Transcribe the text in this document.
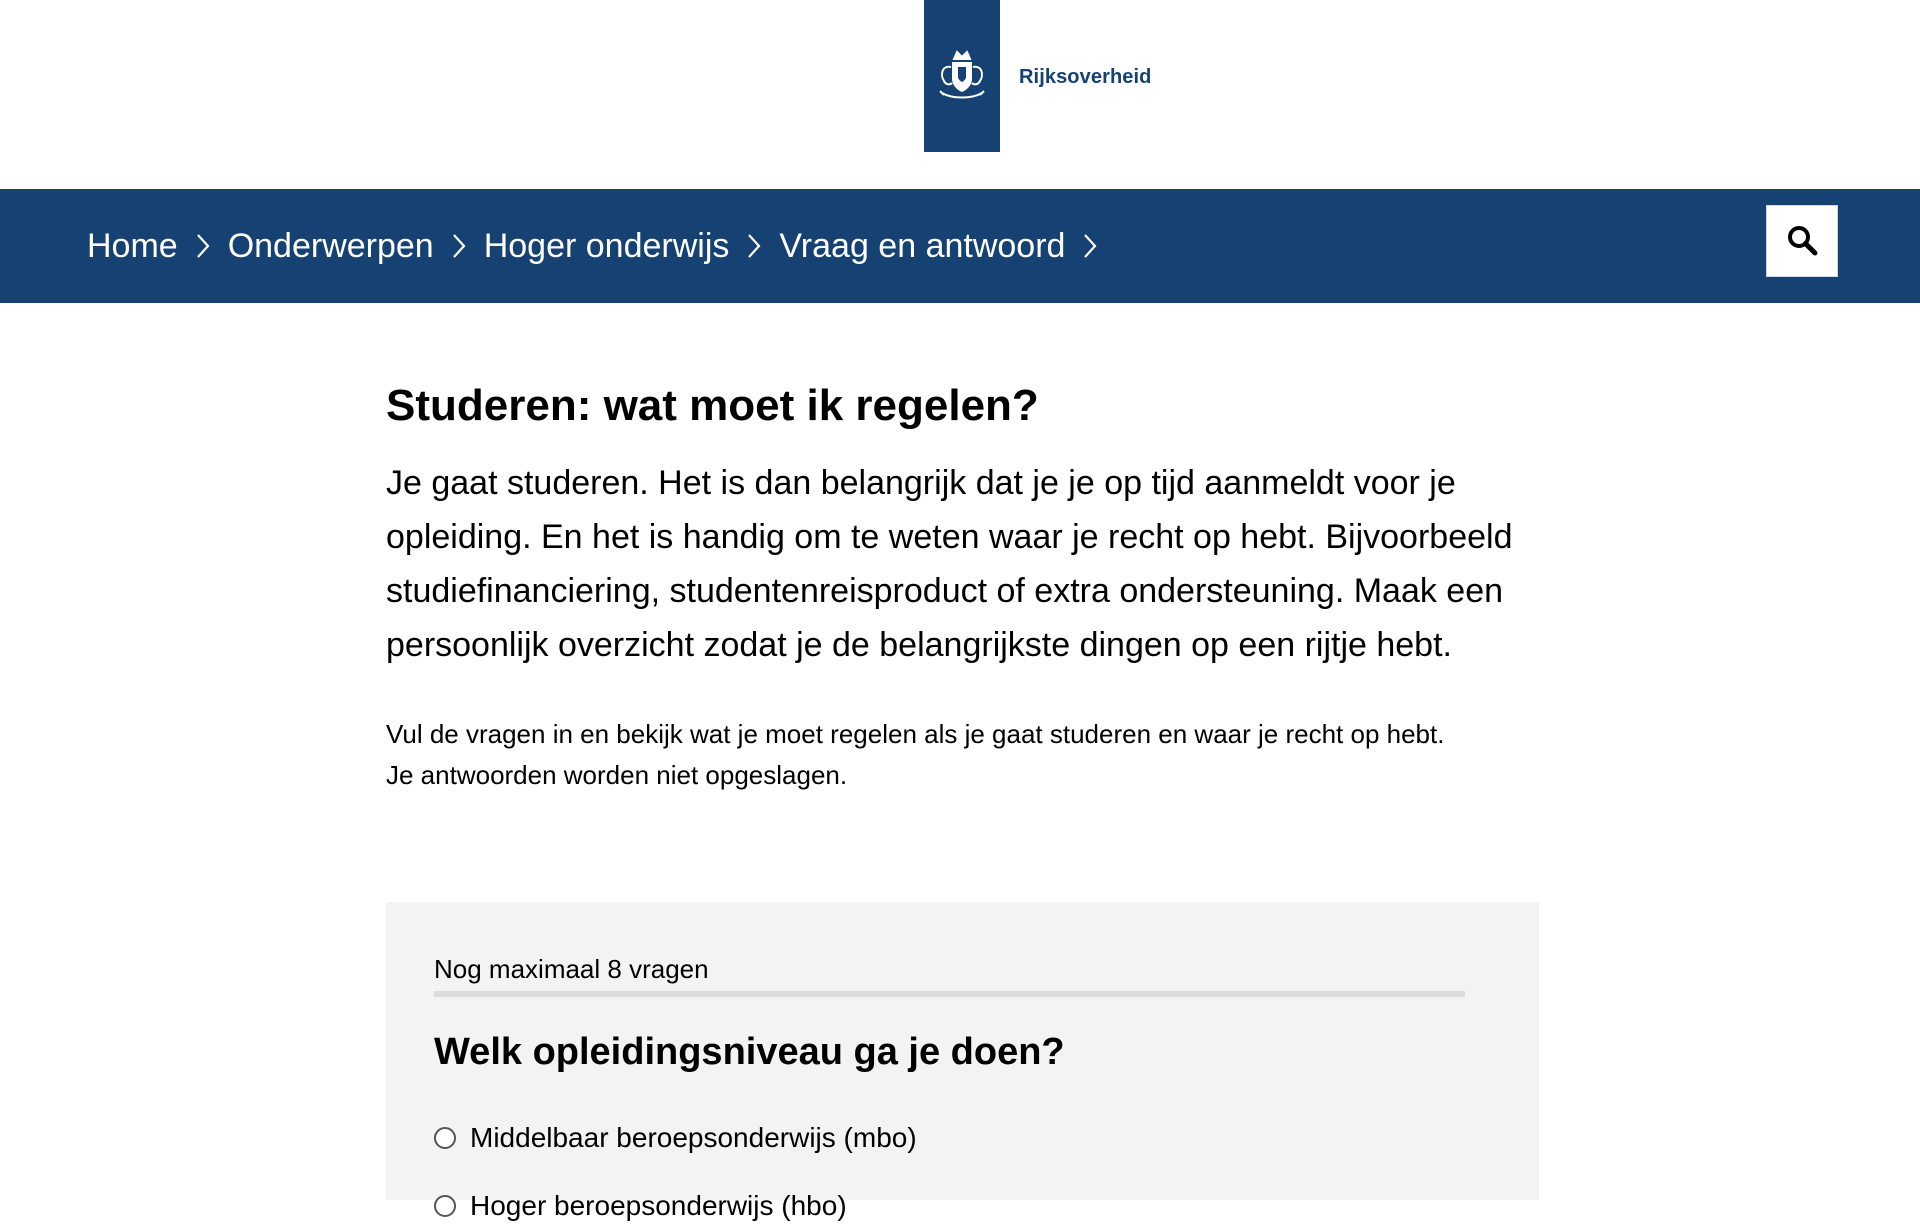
Rijksoverheid
Home Onderwerpen Hoger onderwijs Vraag en antwoord
Studeren: wat moet ik regelen?

Je gaat studeren. Het is dan belangrijk dat je je op tijd aanmeldt voor je opleiding. En het is handig om te weten waar je recht op hebt. Bijvoorbeeld studiefinanciering, studentenreisproduct of extra ondersteuning. Maak een persoonlijk overzicht zodat je de belangrijkste dingen op een rijtje hebt.

Vul de vragen in en bekijk wat je moet regelen als je gaat studeren en waar je recht op hebt.
Je antwoorden worden niet opgeslagen.

Nog maximaal 8 vragen
Welk opleidingsniveau ga je doen?
Middelbaar beroepsonderwijs (mbo)
Hoger beroepsonderwijs (hbo)
